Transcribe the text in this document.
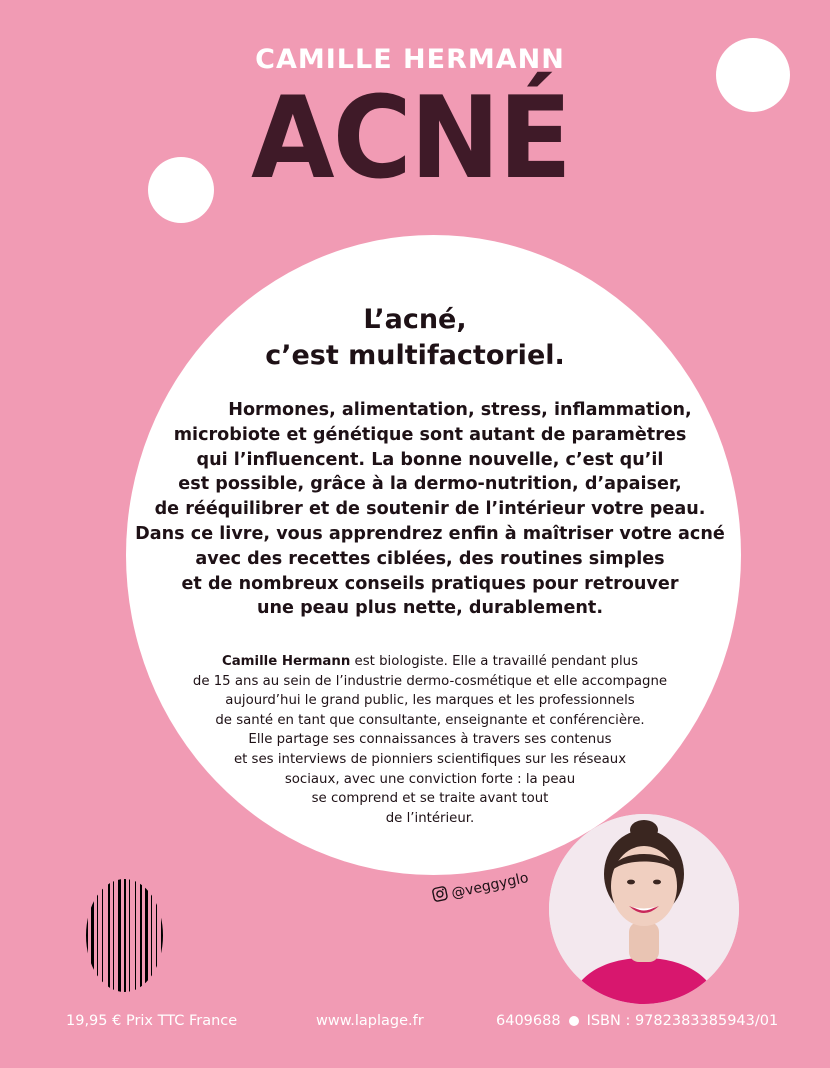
CAMILLE HERMANN
ACNÉ
L’acné,
c’est multifactoriel.
Hormones, alimentation, stress, inflammation,
microbiote et génétique sont autant de paramètres
qui l’influencent. La bonne nouvelle, c’est qu’il
est possible, grâce à la dermo-nutrition, d’apaiser,
de rééquilibrer et de soutenir de l’intérieur votre peau.
Dans ce livre, vous apprendrez enfin à maîtriser votre acné
avec des recettes ciblées, des routines simples
et de nombreux conseils pratiques pour retrouver
une peau plus nette, durablement.
Camille Hermann est biologiste. Elle a travaillé pendant plus
de 15 ans au sein de l’industrie dermo-cosmétique et elle accompagne
aujourd’hui le grand public, les marques et les professionnels
de santé en tant que consultante, enseignante et conférencière.
Elle partage ses connaissances à travers ses contenus
et ses interviews de pionniers scientifiques sur les réseaux
sociaux, avec une conviction forte : la peau
se comprend et se traite avant tout
de l’intérieur.
@veggyglo
19,95 € Prix TTC France	www.laplage.fr	6409688 ISBN : 9782383385943/01
